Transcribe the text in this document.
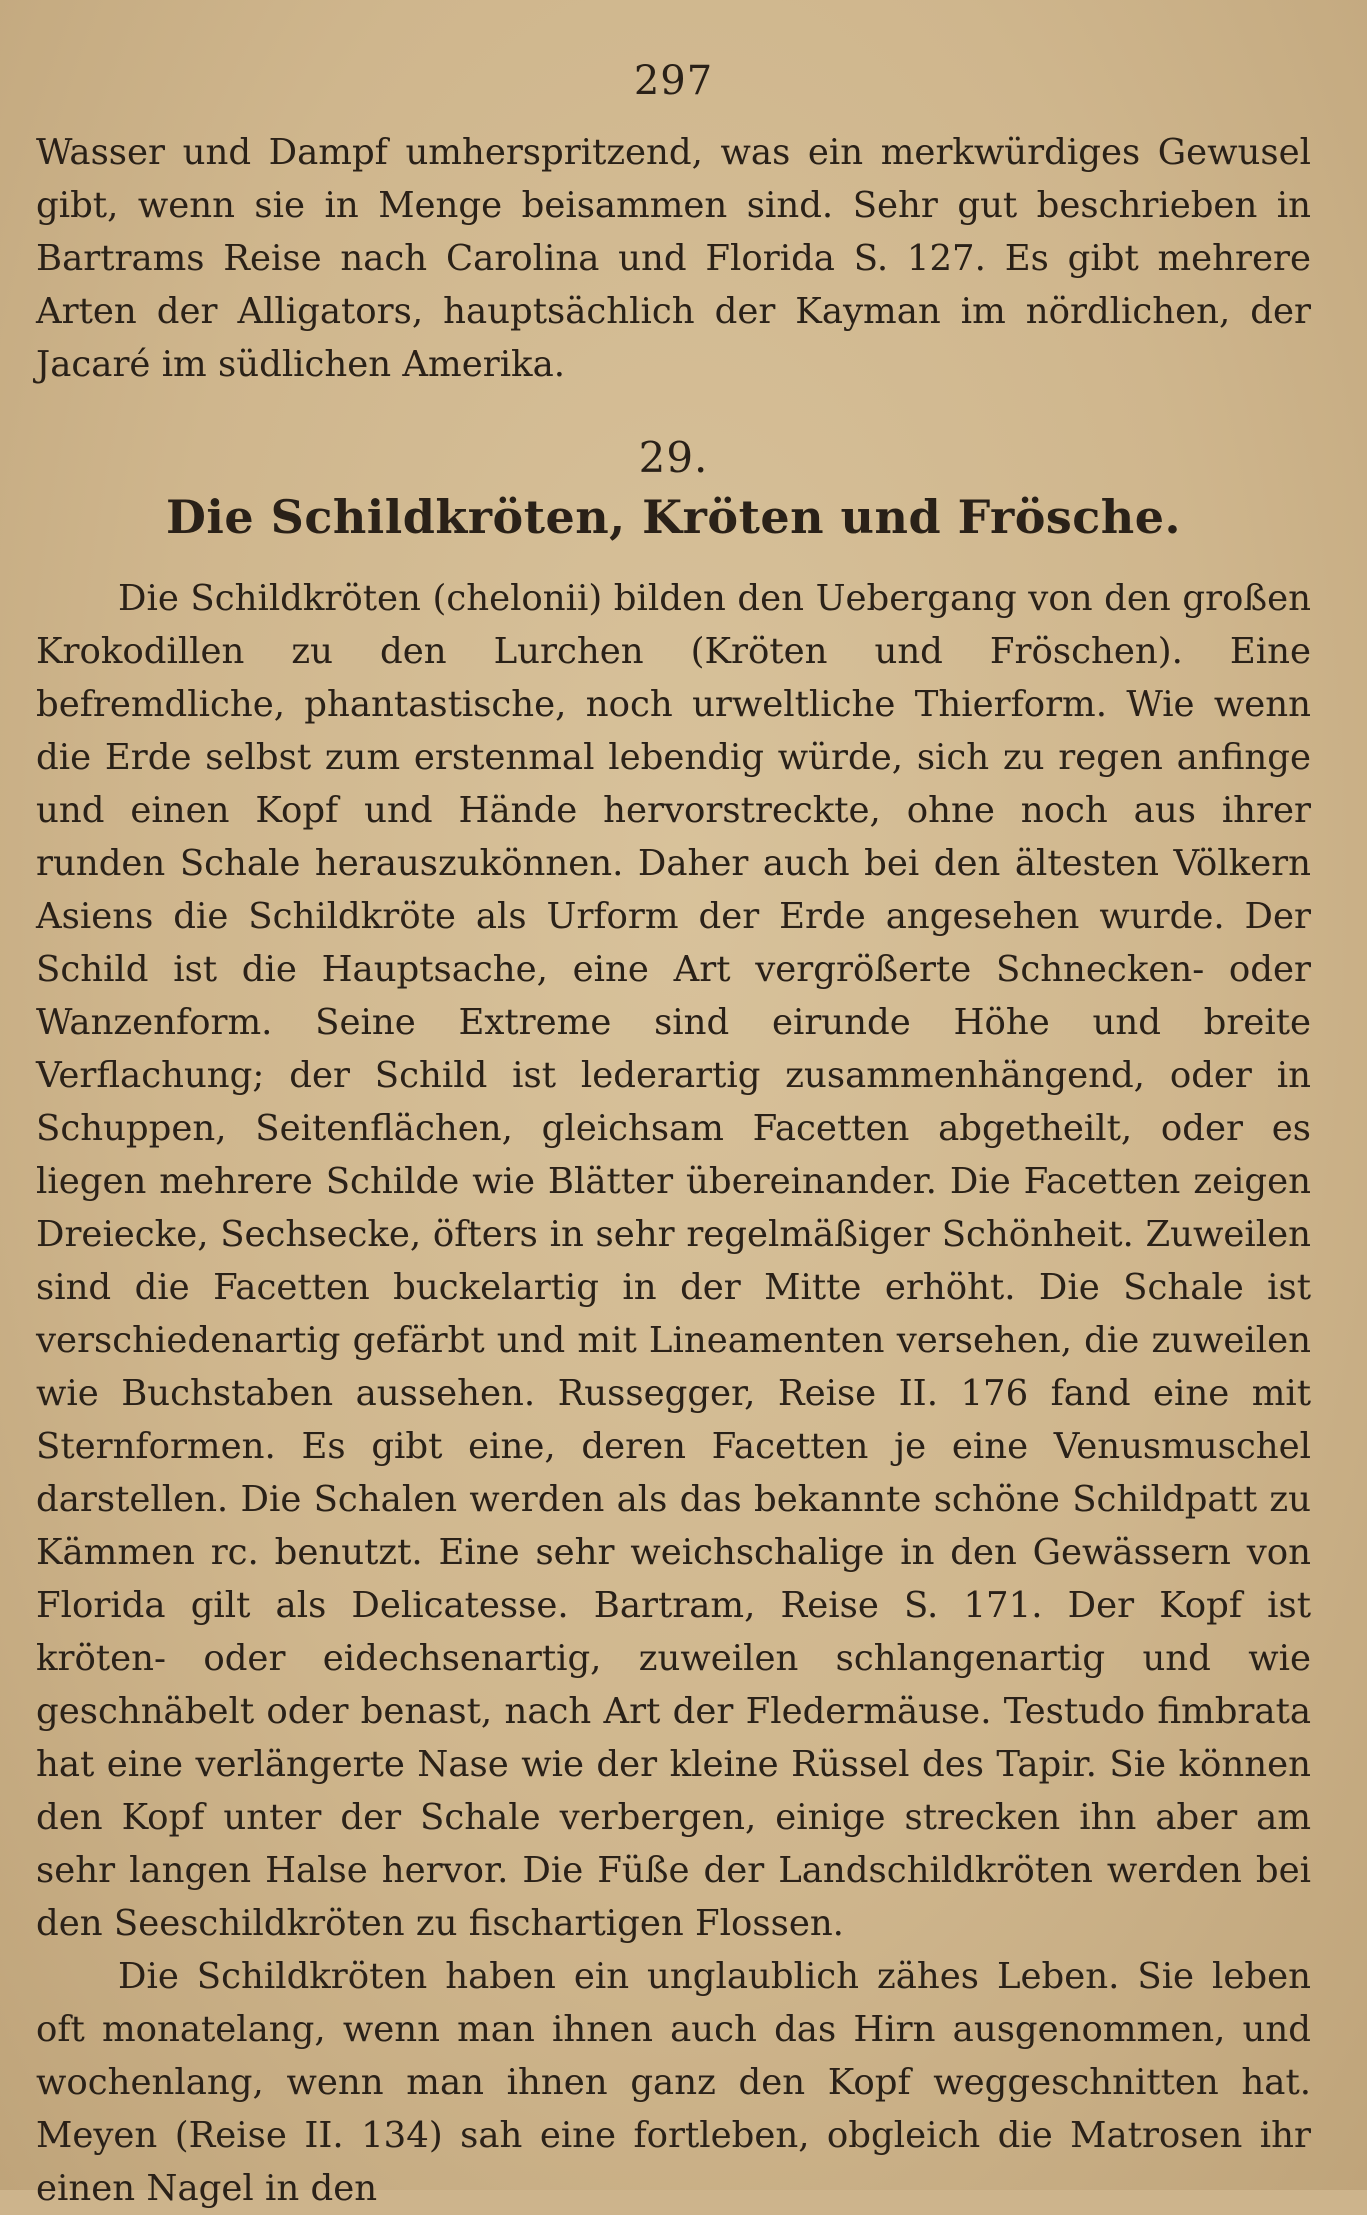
297

Wasser und Dampf umherspritzend, was ein merkwürdiges Gewusel gibt, wenn sie in Menge beisammen sind. Sehr gut beschrieben in Bartrams Reise nach Carolina und Florida S. 127. Es gibt mehrere Arten der Alligators, hauptsächlich der Kayman im nördlichen, der Jacaré im südlichen Amerika.

29.
Die Schildkröten, Kröten und Frösche.

Die Schildkröten (chelonii) bilden den Uebergang von den großen Krokodillen zu den Lurchen (Kröten und Fröschen). Eine befremdliche, phantastische, noch urweltliche Thierform. Wie wenn die Erde selbst zum erstenmal lebendig würde, sich zu regen anfinge und einen Kopf und Hände hervorstreckte, ohne noch aus ihrer runden Schale herauszukönnen. Daher auch bei den ältesten Völkern Asiens die Schildkröte als Urform der Erde angesehen wurde. Der Schild ist die Hauptsache, eine Art vergrößerte Schnecken- oder Wanzenform. Seine Extreme sind eirunde Höhe und breite Verflachung; der Schild ist lederartig zusammenhängend, oder in Schuppen, Seitenflächen, gleichsam Facetten abgetheilt, oder es liegen mehrere Schilde wie Blätter übereinander. Die Facetten zeigen Dreiecke, Sechsecke, öfters in sehr regelmäßiger Schönheit. Zuweilen sind die Facetten buckelartig in der Mitte erhöht. Die Schale ist verschiedenartig gefärbt und mit Lineamenten versehen, die zuweilen wie Buchstaben aussehen. Russegger, Reise II. 176 fand eine mit Sternformen. Es gibt eine, deren Facetten je eine Venusmuschel darstellen. Die Schalen werden als das bekannte schöne Schildpatt zu Kämmen rc. benutzt. Eine sehr weichschalige in den Gewässern von Florida gilt als Delicatesse. Bartram, Reise S. 171. Der Kopf ist kröten- oder eidechsenartig, zuweilen schlangenartig und wie geschnäbelt oder benast, nach Art der Fledermäuse. Testudo fimbrata hat eine verlängerte Nase wie der kleine Rüssel des Tapir. Sie können den Kopf unter der Schale verbergen, einige strecken ihn aber am sehr langen Halse hervor. Die Füße der Landschildkröten werden bei den Seeschildkröten zu fischartigen Flossen.

Die Schildkröten haben ein unglaublich zähes Leben. Sie leben oft monatelang, wenn man ihnen auch das Hirn ausgenommen, und wochenlang, wenn man ihnen ganz den Kopf weggeschnitten hat. Meyen (Reise II. 134) sah eine fortleben, obgleich die Matrosen ihr einen Nagel in den
